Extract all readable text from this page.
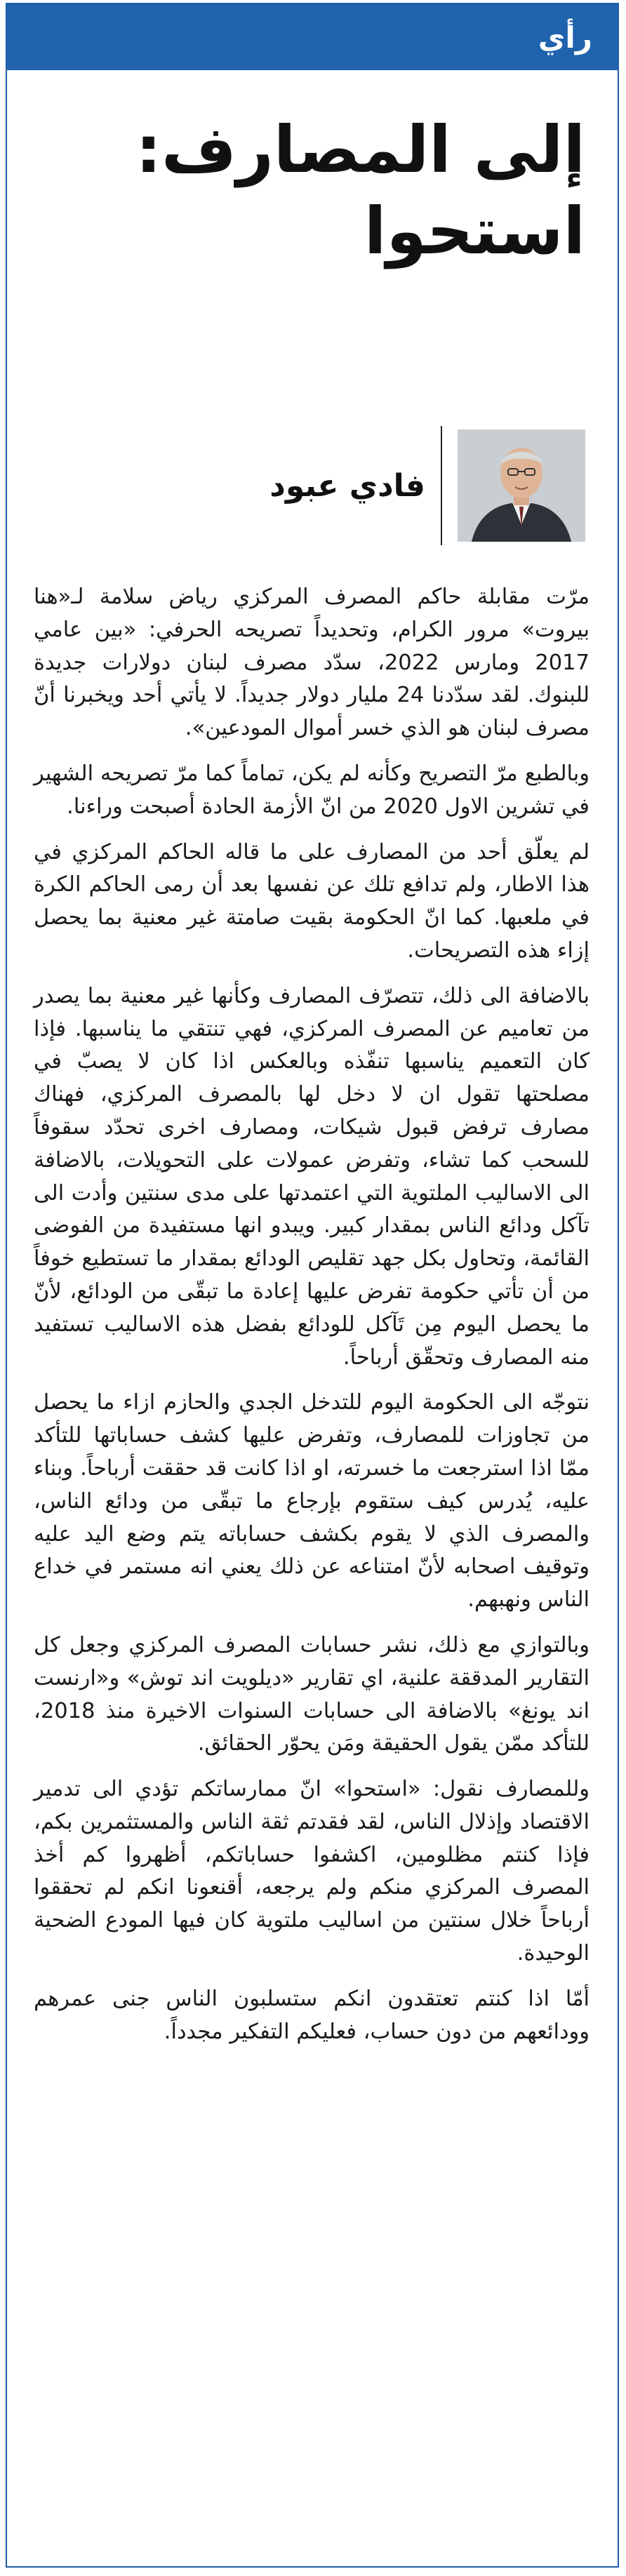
رأي
إلى المصارف:
استحوا
فادي عبود

مرّت مقابلة حاكم المصرف المركزي رياض سلامة لـ«هنا بيروت» مرور الكرام، وتحديداً تصريحه الحرفي: «بين عامي 2017 ومارس 2022، سدّد مصرف لبنان دولارات جديدة للبنوك. لقد سدّدنا 24 مليار دولار جديداً. لا يأتي أحد ويخبرنا أنّ مصرف لبنان هو الذي خسر أموال المودعين».

وبالطبع مرّ التصريح وكأنه لم يكن، تماماً كما مرّ تصريحه الشهير في تشرين الاول 2020 من انّ الأزمة الحادة أصبحت وراءنا.

لم يعلّق أحد من المصارف على ما قاله الحاكم المركزي في هذا الاطار، ولم تدافع تلك عن نفسها بعد أن رمى الحاكم الكرة في ملعبها. كما انّ الحكومة بقيت صامتة غير معنية بما يحصل إزاء هذه التصريحات.

بالاضافة الى ذلك، تتصرّف المصارف وكأنها غير معنية بما يصدر من تعاميم عن المصرف المركزي، فهي تنتقي ما يناسبها. فإذا كان التعميم يناسبها تنفّذه وبالعكس اذا كان لا يصبّ في مصلحتها تقول ان لا دخل لها بالمصرف المركزي، فهناك مصارف ترفض قبول شيكات، ومصارف اخرى تحدّد سقوفاً للسحب كما تشاء، وتفرض عمولات على التحويلات، بالاضافة الى الاساليب الملتوية التي اعتمدتها على مدى سنتين وأدت الى تآكل ودائع الناس بمقدار كبير. ويبدو انها مستفيدة من الفوضى القائمة، وتحاول بكل جهد تقليص الودائع بمقدار ما تستطيع خوفاً من أن تأتي حكومة تفرض عليها إعادة ما تبقّى من الودائع، لأنّ ما يحصل اليوم مِن تَآكل للودائع بفضل هذه الاساليب تستفيد منه المصارف وتحقّق أرباحاً.

نتوجّه الى الحكومة اليوم للتدخل الجدي والحازم ازاء ما يحصل من تجاوزات للمصارف، وتفرض عليها كشف حساباتها للتأكد ممّا اذا استرجعت ما خسرته، او اذا كانت قد حققت أرباحاً. وبناء عليه، يُدرس كيف ستقوم بإرجاع ما تبقّى من ودائع الناس، والمصرف الذي لا يقوم بكشف حساباته يتم وضع اليد عليه وتوقيف اصحابه لأنّ امتناعه عن ذلك يعني انه مستمر في خداع الناس ونهبهم.

وبالتوازي مع ذلك، نشر حسابات المصرف المركزي وجعل كل التقارير المدققة علنية، اي تقارير «ديلويت اند توش» و«ارنست اند يونغ» بالاضافة الى حسابات السنوات الاخيرة منذ 2018، للتأكد ممّن يقول الحقيقة ومَن يحوّر الحقائق.

وللمصارف نقول: «استحوا» انّ ممارساتكم تؤدي الى تدمير الاقتصاد وإذلال الناس، لقد فقدتم ثقة الناس والمستثمرين بكم، فإذا كنتم مظلومين، اكشفوا حساباتكم، أظهروا كم أخذ المصرف المركزي منكم ولم يرجعه، أقنعونا انكم لم تحققوا أرباحاً خلال سنتين من اساليب ملتوية كان فيها المودع الضحية الوحيدة.

أمّا اذا كنتم تعتقدون انكم ستسلبون الناس جنى عمرهم وودائعهم من دون حساب، فعليكم التفكير مجدداً.
